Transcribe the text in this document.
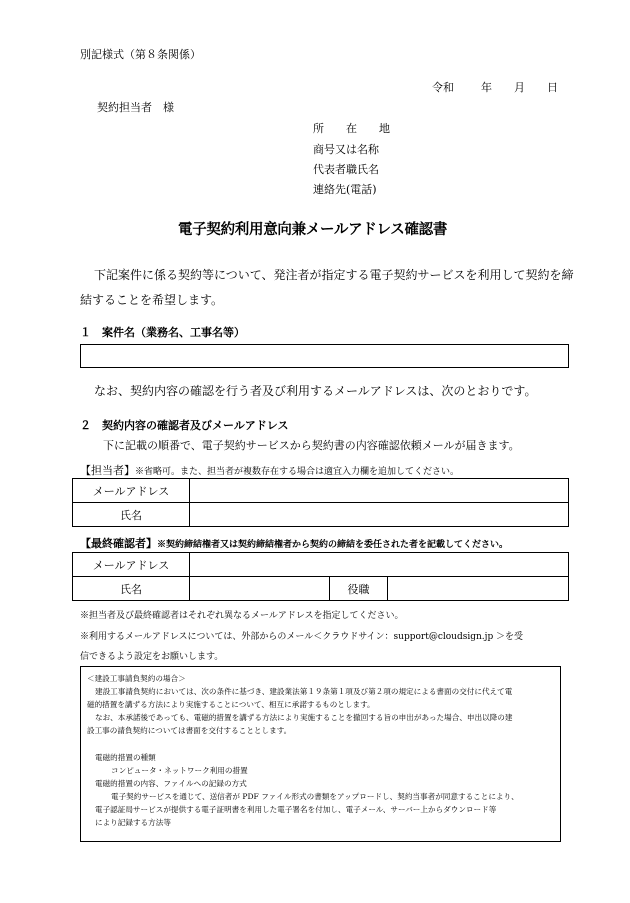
別記様式（第８条関係）
令和 年 月 日
契約担当者　様
所　　在　　地
商号又は名称
代表者職氏名
連絡先(電話)
電子契約利用意向兼メールアドレス確認書
下記案件に係る契約等について、発注者が指定する電子契約サービスを利用して契約を締
結することを希望します。
１　案件名（業務名、工事名等）
なお、契約内容の確認を行う者及び利用するメールアドレスは、次のとおりです。
２　契約内容の確認者及びメールアドレス
下に記載の順番で、電子契約サービスから契約書の内容確認依頼メールが届きます。
【担当者】※省略可。また、担当者が複数存在する場合は適宜入力欄を追加してください。
メールアドレス	
氏名	
【最終確認者】※契約締結権者又は契約締結権者から契約の締結を委任された者を記載してください。
メールアドレス			
氏名		役職	
※担当者及び最終確認者はそれぞれ異なるメールアドレスを指定してください。
※利用するメールアドレスについては、外部からのメール＜クラウドサイン：support@cloudsign.jp ＞を受
信できるよう設定をお願いします。
＜建設工事請負契約の場合＞
建設工事請負契約においては、次の条件に基づき、建設業法第１９条第１項及び第２項の規定による書面の交付に代えて電
磁的措置を講ずる方法により実施することについて、相互に承諾するものとします。
なお、本承諾後であっても、電磁的措置を講ずる方法により実施することを撤回する旨の申出があった場合、申出以降の建
設工事の請負契約については書面を交付することとします。
電磁的措置の種類
コンピュータ・ネットワーク利用の措置
電磁的措置の内容、ファイルへの記録の方式
電子契約サービスを通じて、送信者が PDF ファイル形式の書類をアップロードし、契約当事者が同意することにより、
電子認証局サービスが提供する電子証明書を利用した電子署名を付加し、電子メール、サーバー上からダウンロード等
により記録する方法等
